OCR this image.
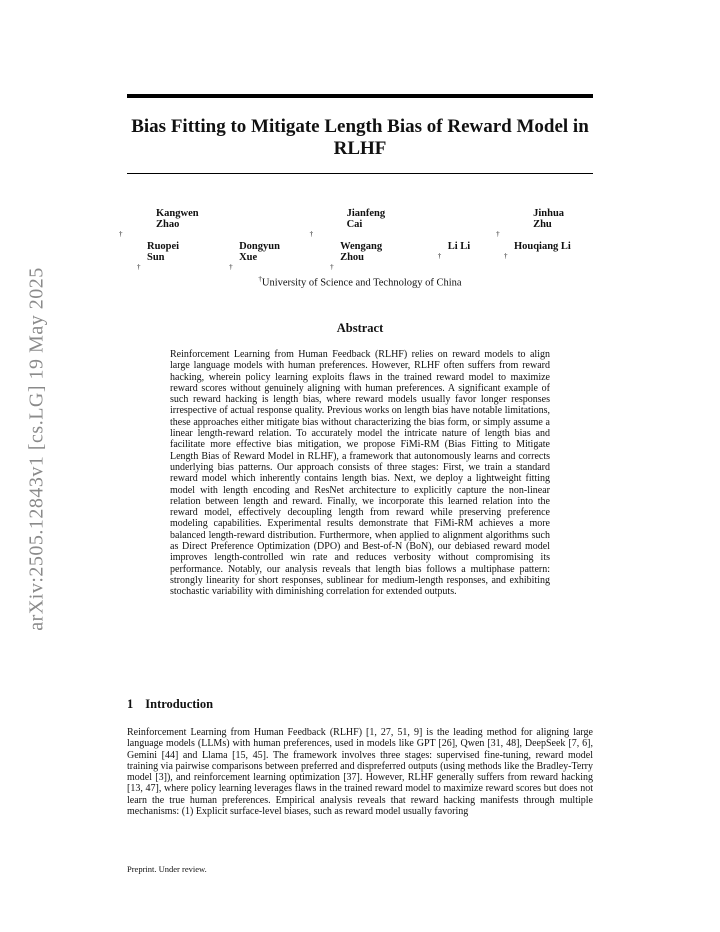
Bias Fitting to Mitigate Length Bias of Reward Model in RLHF
Kangwen Zhao†
Jianfeng Cai†
Jinhua Zhu†
Ruopei Sun†
Dongyun Xue†
Wengang Zhou†
Li Li †
Houqiang Li †
†University of Science and Technology of China
Abstract

Reinforcement Learning from Human Feedback (RLHF) relies on reward models to align large language models with human preferences. However, RLHF often suffers from reward hacking, wherein policy learning exploits flaws in the trained reward model to maximize reward scores without genuinely aligning with human preferences. A significant example of such reward hacking is length bias, where reward models usually favor longer responses irrespective of actual response quality. Previous works on length bias have notable limitations, these approaches either mitigate bias without characterizing the bias form, or simply assume a linear length-reward relation. To accurately model the intricate nature of length bias and facilitate more effective bias mitigation, we propose FiMi-RM (Bias Fitting to Mitigate Length Bias of Reward Model in RLHF), a framework that autonomously learns and corrects underlying bias patterns. Our approach consists of three stages: First, we train a standard reward model which inherently contains length bias. Next, we deploy a lightweight fitting model with length encoding and ResNet architecture to explicitly capture the non-linear relation between length and reward. Finally, we incorporate this learned relation into the reward model, effectively decoupling length from reward while preserving preference modeling capabilities. Experimental results demonstrate that FiMi-RM achieves a more balanced length-reward distribution. Furthermore, when applied to alignment algorithms such as Direct Preference Optimization (DPO) and Best-of-N (BoN), our debiased reward model improves length-controlled win rate and reduces verbosity without compromising its performance. Notably, our analysis reveals that length bias follows a multiphase pattern: strongly linearity for short responses, sublinear for medium-length responses, and exhibiting stochastic variability with diminishing correlation for extended outputs.

1 Introduction

Reinforcement Learning from Human Feedback (RLHF) [1, 27, 51, 9] is the leading method for aligning large language models (LLMs) with human preferences, used in models like GPT [26], Qwen [31, 48], DeepSeek [7, 6], Gemini [44] and Llama [15, 45]. The framework involves three stages: supervised fine-tuning, reward model training via pairwise comparisons between preferred and dispreferred outputs (using methods like the Bradley-Terry model [3]), and reinforcement learning optimization [37]. However, RLHF generally suffers from reward hacking [13, 47], where policy learning leverages flaws in the trained reward model to maximize reward scores but does not learn the true human preferences. Empirical analysis reveals that reward hacking manifests through multiple mechanisms: (1) Explicit surface-level biases, such as reward model usually favoring

Preprint. Under review.
arXiv:2505.12843v1 [cs.LG] 19 May 2025
